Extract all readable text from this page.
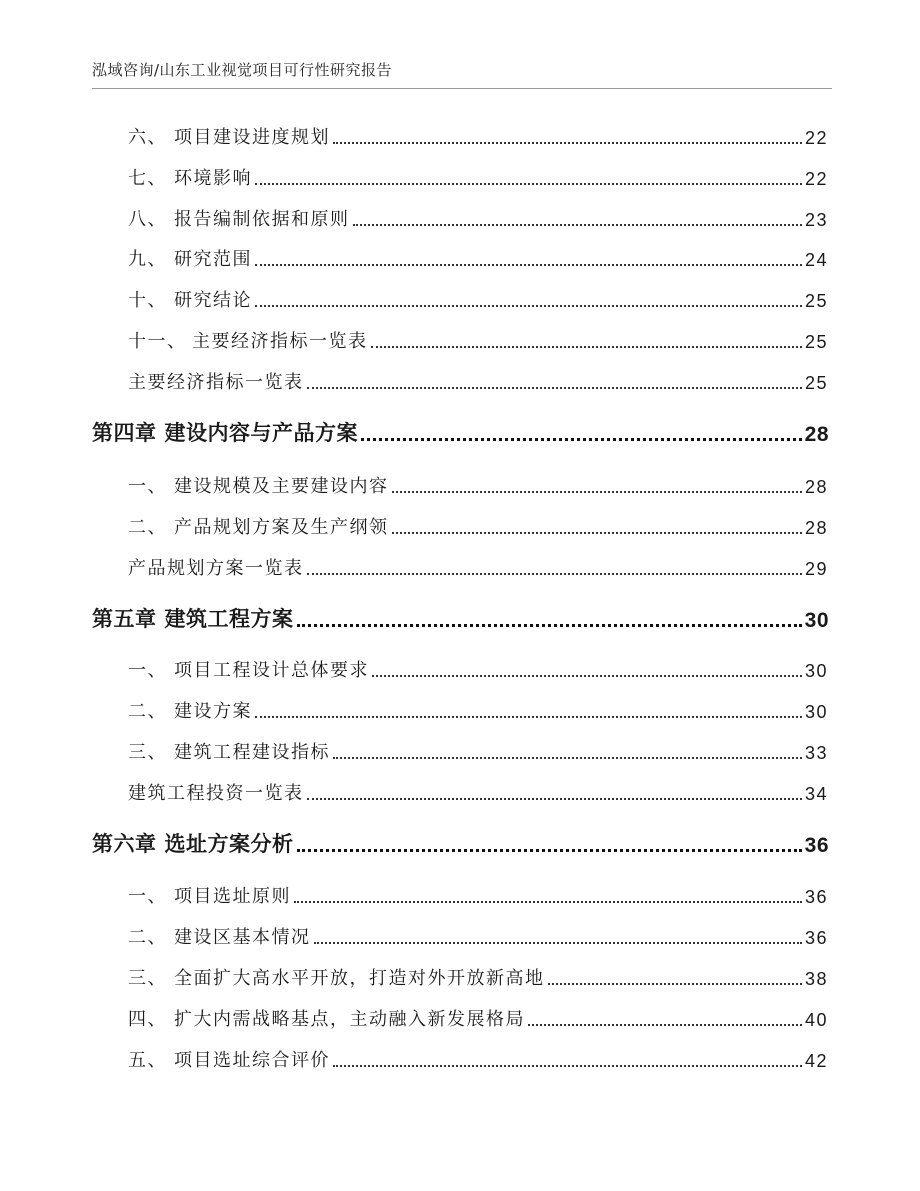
泓域咨询/山东工业视觉项目可行性研究报告
六、 项目建设进度规划	22
七、 环境影响	22
八、 报告编制依据和原则	23
九、 研究范围	24
十、 研究结论	25
十一、 主要经济指标一览表	25
主要经济指标一览表	25
第四章 建设内容与产品方案	28
一、 建设规模及主要建设内容	28
二、 产品规划方案及生产纲领	28
产品规划方案一览表	29
第五章 建筑工程方案	30
一、 项目工程设计总体要求	30
二、 建设方案	30
三、 建筑工程建设指标	33
建筑工程投资一览表	34
第六章 选址方案分析	36
一、 项目选址原则	36
二、 建设区基本情况	36
三、 全面扩大高水平开放，打造对外开放新高地	38
四、 扩大内需战略基点，主动融入新发展格局	40
五、 项目选址综合评价	42
